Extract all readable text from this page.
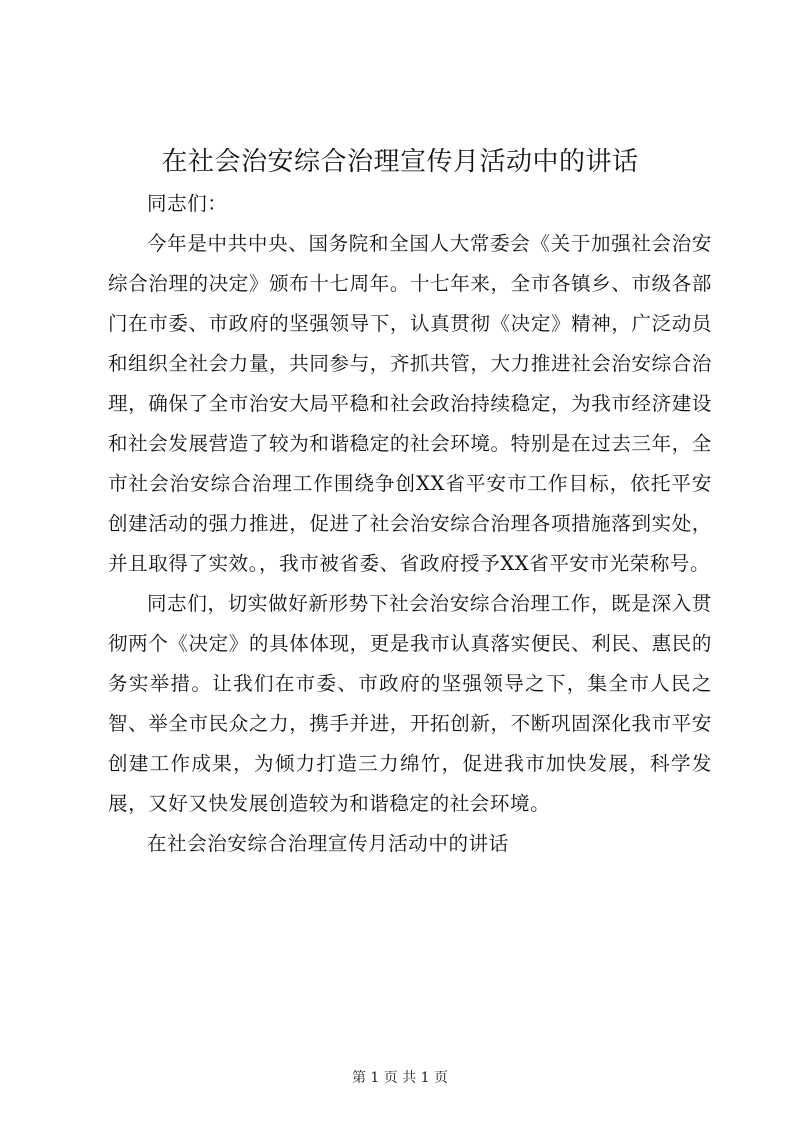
在社会治安综合治理宣传月活动中的讲话

同志们：

今年是中共中央、国务院和全国人大常委会《关于加强社会治安综合治理的决定》颁布十七周年。十七年来，全市各镇乡、市级各部门在市委、市政府的坚强领导下，认真贯彻《决定》精神，广泛动员和组织全社会力量，共同参与，齐抓共管，大力推进社会治安综合治理，确保了全市治安大局平稳和社会政治持续稳定，为我市经济建设和社会发展营造了较为和谐稳定的社会环境。特别是在过去三年，全市社会治安综合治理工作围绕争创XX省平安市工作目标，依托平安创建活动的强力推进，促进了社会治安综合治理各项措施落到实处，并且取得了实效。，我市被省委、省政府授予XX省平安市光荣称号。

同志们，切实做好新形势下社会治安综合治理工作，既是深入贯彻两个《决定》的具体体现，更是我市认真落实便民、利民、惠民的务实举措。让我们在市委、市政府的坚强领导之下，集全市人民之智、举全市民众之力，携手并进，开拓创新，不断巩固深化我市平安创建工作成果，为倾力打造三力绵竹，促进我市加快发展，科学发展，又好又快发展创造较为和谐稳定的社会环境。

在社会治安综合治理宣传月活动中的讲话

第 1 页 共 1 页
